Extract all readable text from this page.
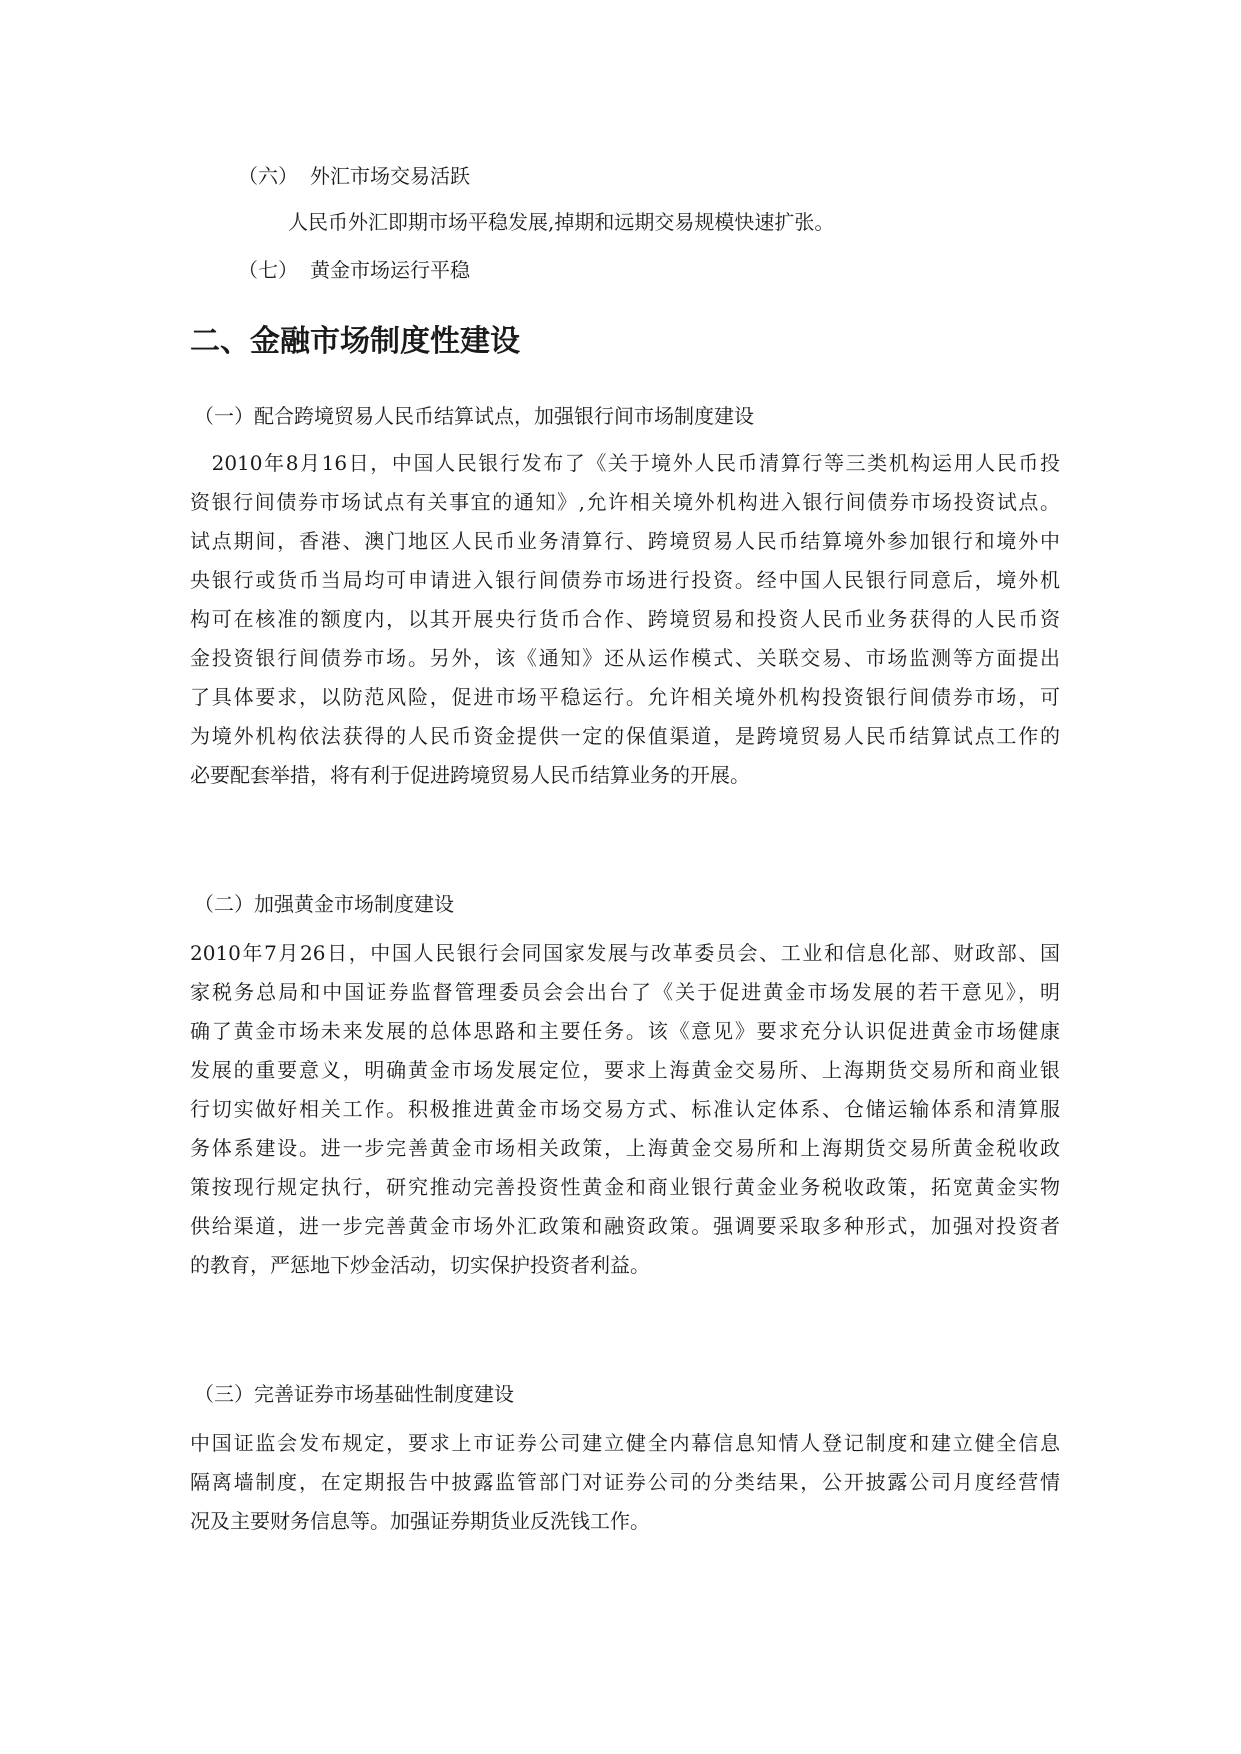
（六） 外汇市场交易活跃
人民币外汇即期市场平稳发展,掉期和远期交易规模快速扩张。
（七） 黄金市场运行平稳
二、金融市场制度性建设
（一）配合跨境贸易人民币结算试点，加强银行间市场制度建设
　2010年8月16日，中国人民银行发布了《关于境外人民币清算行等三类机构运用人民币投
资银行间债券市场试点有关事宜的通知》,允许相关境外机构进入银行间债券市场投资试点。
试点期间，香港、澳门地区人民币业务清算行、跨境贸易人民币结算境外参加银行和境外中
央银行或货币当局均可申请进入银行间债券市场进行投资。经中国人民银行同意后，境外机
构可在核准的额度内，以其开展央行货币合作、跨境贸易和投资人民币业务获得的人民币资
金投资银行间债券市场。另外，该《通知》还从运作模式、关联交易、市场监测等方面提出
了具体要求，以防范风险，促进市场平稳运行。允许相关境外机构投资银行间债券市场，可
为境外机构依法获得的人民币资金提供一定的保值渠道，是跨境贸易人民币结算试点工作的
必要配套举措，将有利于促进跨境贸易人民币结算业务的开展。
（二）加强黄金市场制度建设
2010年7月26日，中国人民银行会同国家发展与改革委员会、工业和信息化部、财政部、国
家税务总局和中国证券监督管理委员会会出台了《关于促进黄金市场发展的若干意见》，明
确了黄金市场未来发展的总体思路和主要任务。该《意见》要求充分认识促进黄金市场健康
发展的重要意义，明确黄金市场发展定位，要求上海黄金交易所、上海期货交易所和商业银
行切实做好相关工作。积极推进黄金市场交易方式、标准认定体系、仓储运输体系和清算服
务体系建设。进一步完善黄金市场相关政策，上海黄金交易所和上海期货交易所黄金税收政
策按现行规定执行，研究推动完善投资性黄金和商业银行黄金业务税收政策，拓宽黄金实物
供给渠道，进一步完善黄金市场外汇政策和融资政策。强调要采取多种形式，加强对投资者
的教育，严惩地下炒金活动，切实保护投资者利益。
（三）完善证券市场基础性制度建设
中国证监会发布规定，要求上市证券公司建立健全内幕信息知情人登记制度和建立健全信息
隔离墙制度，在定期报告中披露监管部门对证券公司的分类结果，公开披露公司月度经营情
况及主要财务信息等。加强证券期货业反洗钱工作。
